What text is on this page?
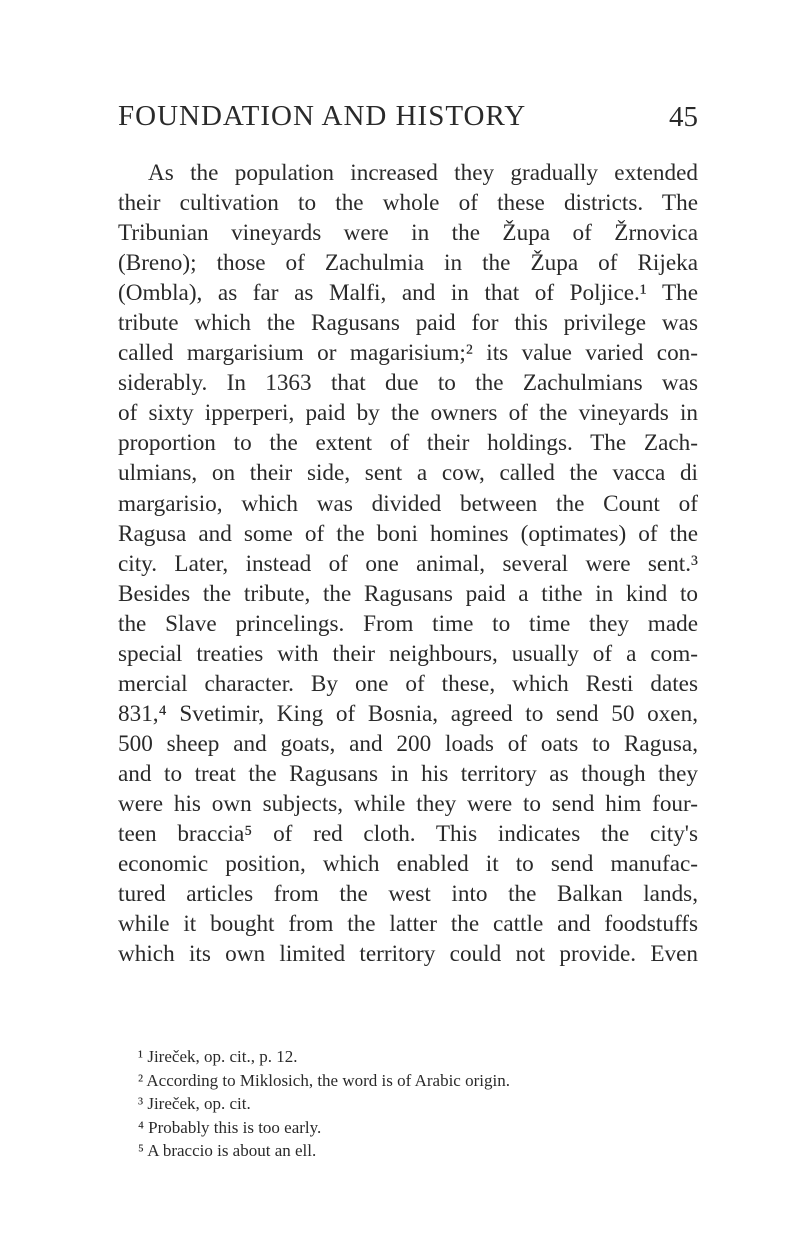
FOUNDATION AND HISTORY	45
As the population increased they gradually extended
their cultivation to the whole of these districts. The
Tribunian vineyards were in the Župa of Žrnovica
(Breno); those of Zachulmia in the Župa of Rijeka
(Ombla), as far as Malfi, and in that of Poljice.¹ The
tribute which the Ragusans paid for this privilege was
called margarisium or magarisium;² its value varied con-
siderably. In 1363 that due to the Zachulmians was
of sixty ipperperi, paid by the owners of the vineyards in
proportion to the extent of their holdings. The Zach-
ulmians, on their side, sent a cow, called the vacca di
margarisio, which was divided between the Count of
Ragusa and some of the boni homines (optimates) of the
city. Later, instead of one animal, several were sent.³
Besides the tribute, the Ragusans paid a tithe in kind to
the Slave princelings. From time to time they made
special treaties with their neighbours, usually of a com-
mercial character. By one of these, which Resti dates
831,⁴ Svetimir, King of Bosnia, agreed to send 50 oxen,
500 sheep and goats, and 200 loads of oats to Ragusa,
and to treat the Ragusans in his territory as though they
were his own subjects, while they were to send him four-
teen braccia⁵ of red cloth. This indicates the city's
economic position, which enabled it to send manufac-
tured articles from the west into the Balkan lands,
while it bought from the latter the cattle and foodstuffs
which its own limited territory could not provide. Even
¹ Jireček, op. cit., p. 12.
² According to Miklosich, the word is of Arabic origin.
³ Jireček, op. cit.
⁴ Probably this is too early.
⁵ A braccio is about an ell.
